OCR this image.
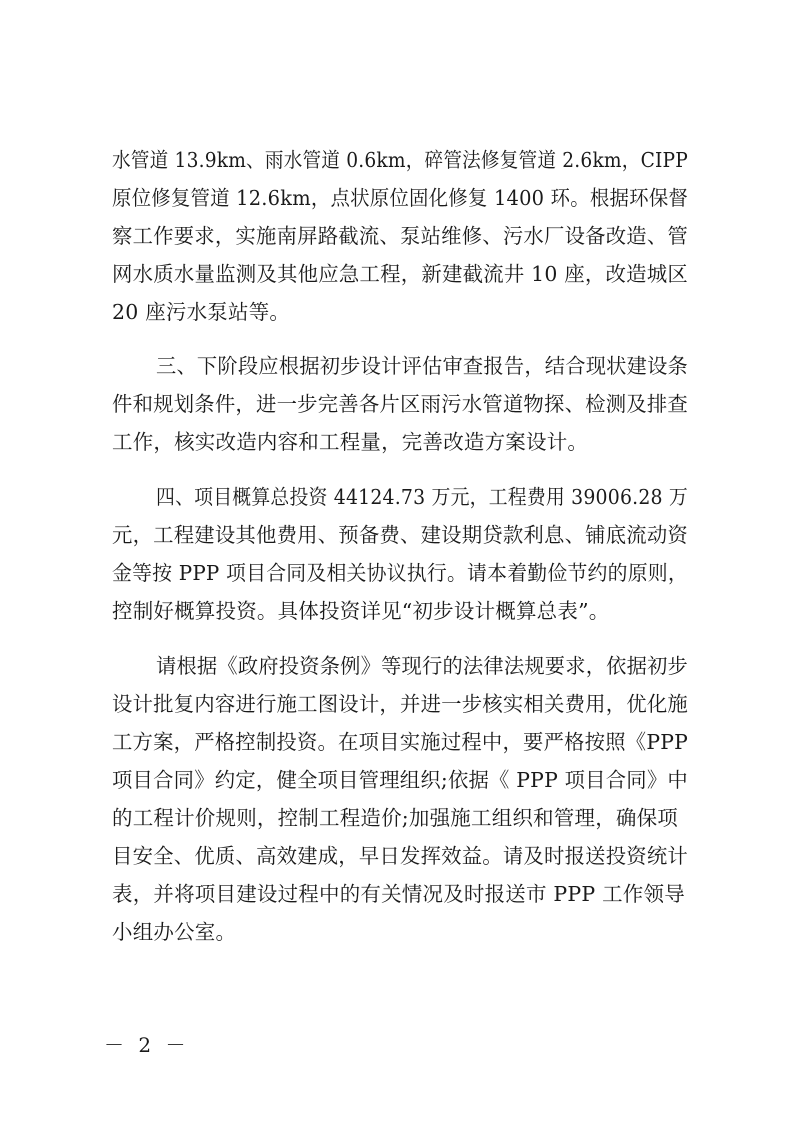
水管道 13.9km、雨水管道 0.6km，碎管法修复管道 2.6km，CIPP
原位修复管道 12.6km，点状原位固化修复 1400 环。根据环保督
察工作要求，实施南屏路截流、泵站维修、污水厂设备改造、管
网水质水量监测及其他应急工程，新建截流井 10 座，改造城区
20 座污水泵站等。
三、下阶段应根据初步设计评估审查报告，结合现状建设条
件和规划条件，进一步完善各片区雨污水管道物探、检测及排查
工作，核实改造内容和工程量，完善改造方案设计。
四、项目概算总投资 44124.73 万元，工程费用 39006.28 万
元，工程建设其他费用、预备费、建设期贷款利息、铺底流动资
金等按 PPP 项目合同及相关协议执行。请本着勤俭节约的原则，
控制好概算投资。具体投资详见“初步设计概算总表”。
请根据《政府投资条例》等现行的法律法规要求，依据初步
设计批复内容进行施工图设计，并进一步核实相关费用，优化施
工方案，严格控制投资。在项目实施过程中，要严格按照《PPP
项目合同》约定，健全项目管理组织;依据《 PPP 项目合同》中
的工程计价规则，控制工程造价;加强施工组织和管理，确保项
目安全、优质、高效建成，早日发挥效益。请及时报送投资统计
表，并将项目建设过程中的有关情况及时报送市 PPP 工作领导
小组办公室。
－ 2 －
